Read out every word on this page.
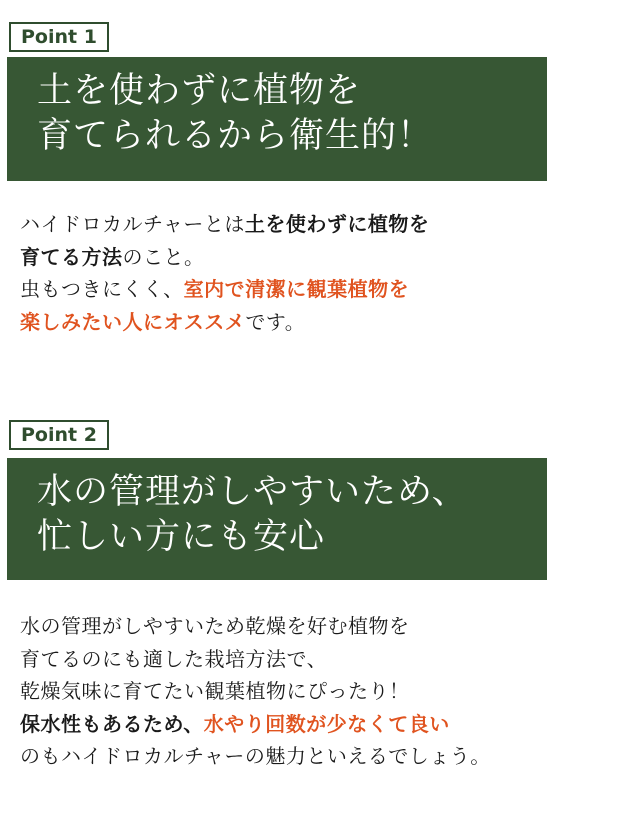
Point 1
土を使わずに植物を
育てられるから衛生的！
ハイドロカルチャーとは土を使わずに植物を
育てる方法のこと。
虫もつきにくく、室内で清潔に観葉植物を
楽しみたい人にオススメです。
Point 2
水の管理がしやすいため、
忙しい方にも安心
水の管理がしやすいため乾燥を好む植物を
育てるのにも適した栽培方法で、
乾燥気味に育てたい観葉植物にぴったり！
保水性もあるため、水やり回数が少なくて良い
のもハイドロカルチャーの魅力といえるでしょう。
